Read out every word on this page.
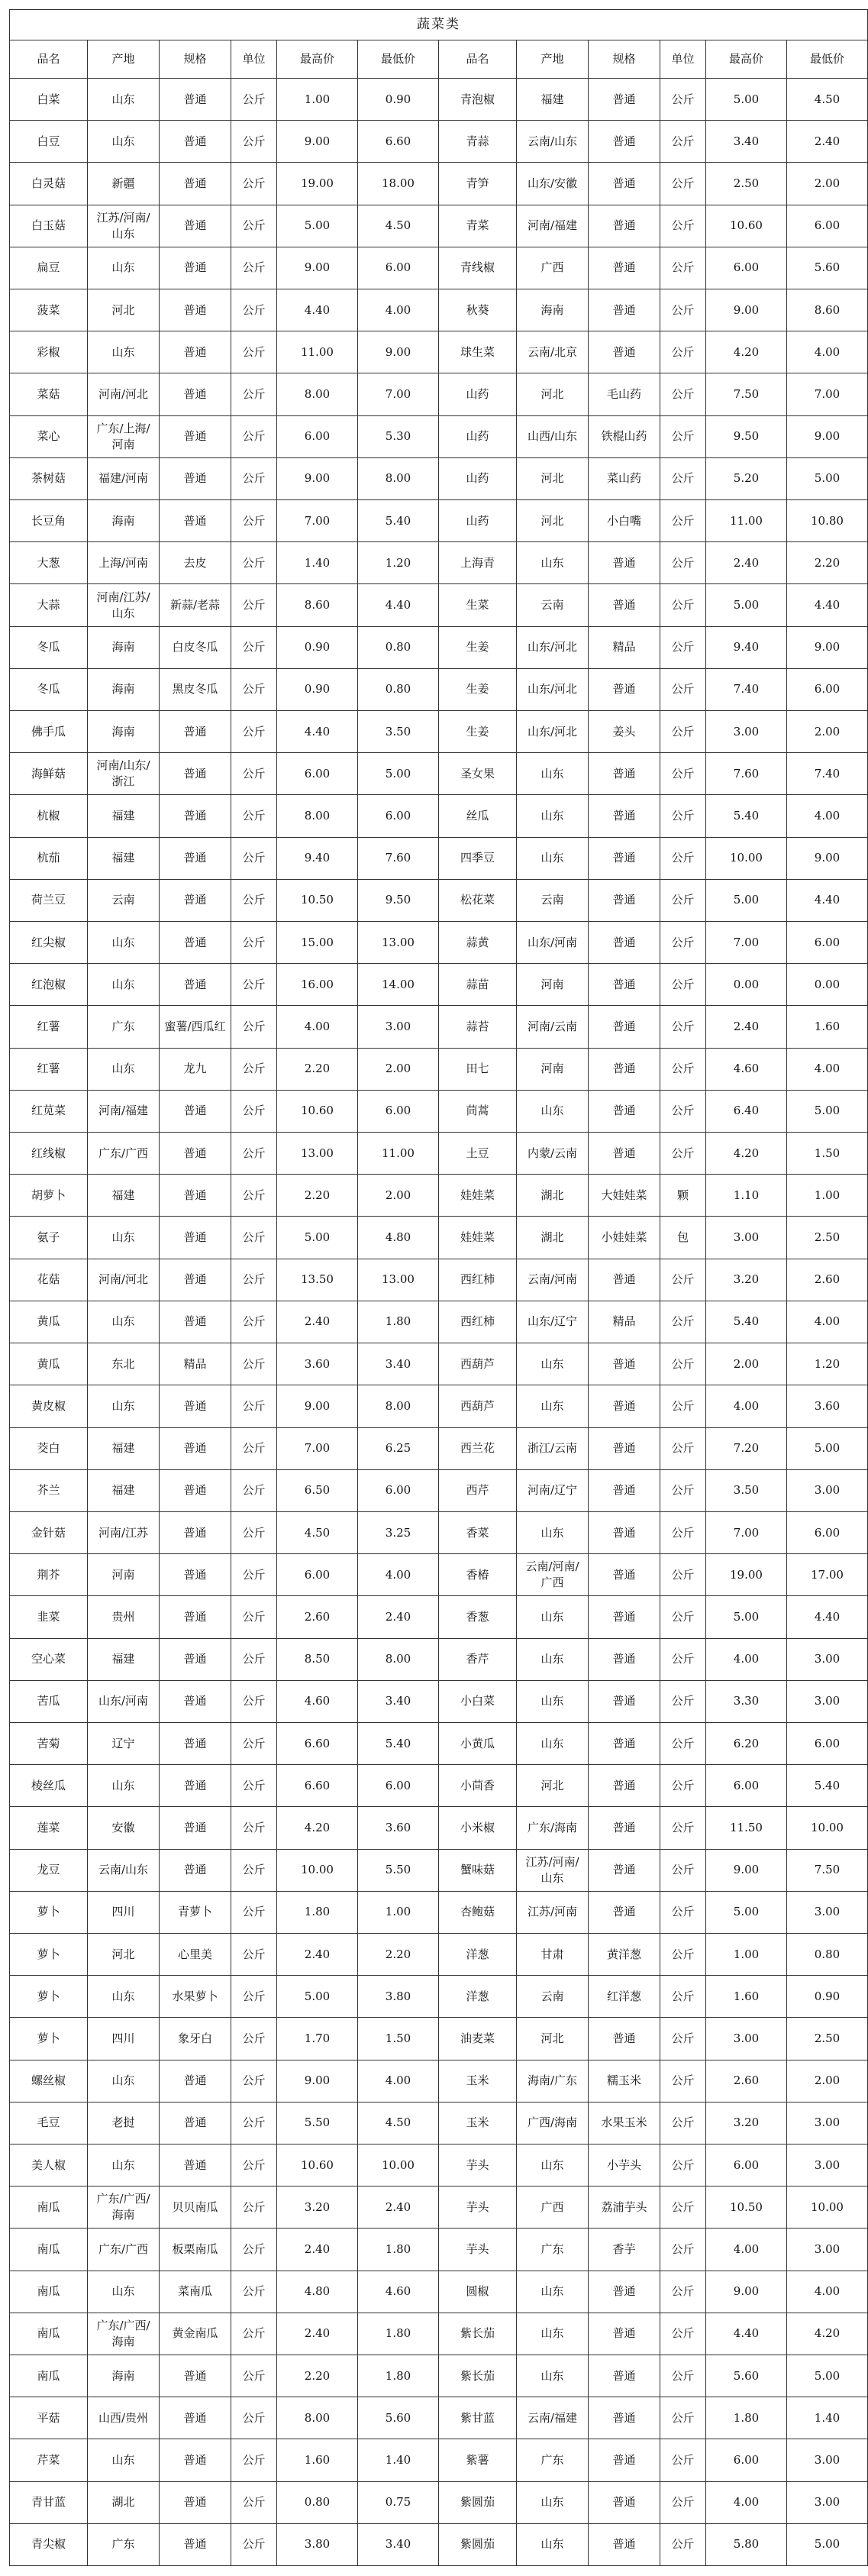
蔬菜类											
品名	产地	规格	单位	最高价	最低价	品名	产地	规格	单位	最高价	最低价
白菜	山东	普通	公斤	1.00	0.90	青泡椒	福建	普通	公斤	5.00	4.50
白豆	山东	普通	公斤	9.00	6.60	青蒜	云南/山东	普通	公斤	3.40	2.40
白灵菇	新疆	普通	公斤	19.00	18.00	青笋	山东/安徽	普通	公斤	2.50	2.00
白玉菇	江苏/河南/山东	普通	公斤	5.00	4.50	青菜	河南/福建	普通	公斤	10.60	6.00
扁豆	山东	普通	公斤	9.00	6.00	青线椒	广西	普通	公斤	6.00	5.60
菠菜	河北	普通	公斤	4.40	4.00	秋葵	海南	普通	公斤	9.00	8.60
彩椒	山东	普通	公斤	11.00	9.00	球生菜	云南/北京	普通	公斤	4.20	4.00
菜菇	河南/河北	普通	公斤	8.00	7.00	山药	河北	毛山药	公斤	7.50	7.00
菜心	广东/上海/河南	普通	公斤	6.00	5.30	山药	山西/山东	铁棍山药	公斤	9.50	9.00
茶树菇	福建/河南	普通	公斤	9.00	8.00	山药	河北	菜山药	公斤	5.20	5.00
长豆角	海南	普通	公斤	7.00	5.40	山药	河北	小白嘴	公斤	11.00	10.80
大葱	上海/河南	去皮	公斤	1.40	1.20	上海青	山东	普通	公斤	2.40	2.20
大蒜	河南/江苏/山东	新蒜/老蒜	公斤	8.60	4.40	生菜	云南	普通	公斤	5.00	4.40
冬瓜	海南	白皮冬瓜	公斤	0.90	0.80	生姜	山东/河北	精品	公斤	9.40	9.00
冬瓜	海南	黑皮冬瓜	公斤	0.90	0.80	生姜	山东/河北	普通	公斤	7.40	6.00
佛手瓜	海南	普通	公斤	4.40	3.50	生姜	山东/河北	姜头	公斤	3.00	2.00
海鲜菇	河南/山东/浙江	普通	公斤	6.00	5.00	圣女果	山东	普通	公斤	7.60	7.40
杭椒	福建	普通	公斤	8.00	6.00	丝瓜	山东	普通	公斤	5.40	4.00
杭茄	福建	普通	公斤	9.40	7.60	四季豆	山东	普通	公斤	10.00	9.00
荷兰豆	云南	普通	公斤	10.50	9.50	松花菜	云南	普通	公斤	5.00	4.40
红尖椒	山东	普通	公斤	15.00	13.00	蒜黄	山东/河南	普通	公斤	7.00	6.00
红泡椒	山东	普通	公斤	16.00	14.00	蒜苗	河南	普通	公斤	0.00	0.00
红薯	广东	蜜薯/西瓜红	公斤	4.00	3.00	蒜苔	河南/云南	普通	公斤	2.40	1.60
红薯	山东	龙九	公斤	2.20	2.00	田七	河南	普通	公斤	4.60	4.00
红苋菜	河南/福建	普通	公斤	10.60	6.00	茼蒿	山东	普通	公斤	6.40	5.00
红线椒	广东/广西	普通	公斤	13.00	11.00	土豆	内蒙/云南	普通	公斤	4.20	1.50
胡萝卜	福建	普通	公斤	2.20	2.00	娃娃菜	湖北	大娃娃菜	颗	1.10	1.00
氨子	山东	普通	公斤	5.00	4.80	娃娃菜	湖北	小娃娃菜	包	3.00	2.50
花菇	河南/河北	普通	公斤	13.50	13.00	西红柿	云南/河南	普通	公斤	3.20	2.60
黄瓜	山东	普通	公斤	2.40	1.80	西红柿	山东/辽宁	精品	公斤	5.40	4.00
黄瓜	东北	精品	公斤	3.60	3.40	西葫芦	山东	普通	公斤	2.00	1.20
黄皮椒	山东	普通	公斤	9.00	8.00	西葫芦	山东	普通	公斤	4.00	3.60
茭白	福建	普通	公斤	7.00	6.25	西兰花	浙江/云南	普通	公斤	7.20	5.00
芥兰	福建	普通	公斤	6.50	6.00	西芹	河南/辽宁	普通	公斤	3.50	3.00
金针菇	河南/江苏	普通	公斤	4.50	3.25	香菜	山东	普通	公斤	7.00	6.00
荆芥	河南	普通	公斤	6.00	4.00	香椿	云南/河南/广西	普通	公斤	19.00	17.00
韭菜	贵州	普通	公斤	2.60	2.40	香葱	山东	普通	公斤	5.00	4.40
空心菜	福建	普通	公斤	8.50	8.00	香芹	山东	普通	公斤	4.00	3.00
苦瓜	山东/河南	普通	公斤	4.60	3.40	小白菜	山东	普通	公斤	3.30	3.00
苦菊	辽宁	普通	公斤	6.60	5.40	小黄瓜	山东	普通	公斤	6.20	6.00
棱丝瓜	山东	普通	公斤	6.60	6.00	小茴香	河北	普通	公斤	6.00	5.40
莲菜	安徽	普通	公斤	4.20	3.60	小米椒	广东/海南	普通	公斤	11.50	10.00
龙豆	云南/山东	普通	公斤	10.00	5.50	蟹味菇	江苏/河南/山东	普通	公斤	9.00	7.50
萝卜	四川	青萝卜	公斤	1.80	1.00	杏鲍菇	江苏/河南	普通	公斤	5.00	3.00
萝卜	河北	心里美	公斤	2.40	2.20	洋葱	甘肃	黄洋葱	公斤	1.00	0.80
萝卜	山东	水果萝卜	公斤	5.00	3.80	洋葱	云南	红洋葱	公斤	1.60	0.90
萝卜	四川	象牙白	公斤	1.70	1.50	油麦菜	河北	普通	公斤	3.00	2.50
螺丝椒	山东	普通	公斤	9.00	4.00	玉米	海南/广东	糯玉米	公斤	2.60	2.00
毛豆	老挝	普通	公斤	5.50	4.50	玉米	广西/海南	水果玉米	公斤	3.20	3.00
美人椒	山东	普通	公斤	10.60	10.00	芋头	山东	小芋头	公斤	6.00	3.00
南瓜	广东/广西/海南	贝贝南瓜	公斤	3.20	2.40	芋头	广西	荔浦芋头	公斤	10.50	10.00
南瓜	广东/广西	板栗南瓜	公斤	2.40	1.80	芋头	广东	香芋	公斤	4.00	3.00
南瓜	山东	菜南瓜	公斤	4.80	4.60	圆椒	山东	普通	公斤	9.00	4.00
南瓜	广东/广西/海南	黄金南瓜	公斤	2.40	1.80	紫长茄	山东	普通	公斤	4.40	4.20
南瓜	海南	普通	公斤	2.20	1.80	紫长茄	山东	普通	公斤	5.60	5.00
平菇	山西/贵州	普通	公斤	8.00	5.60	紫甘蓝	云南/福建	普通	公斤	1.80	1.40
芹菜	山东	普通	公斤	1.60	1.40	紫薯	广东	普通	公斤	6.00	3.00
青甘蓝	湖北	普通	公斤	0.80	0.75	紫圆茄	山东	普通	公斤	4.00	3.00
青尖椒	广东	普通	公斤	3.80	3.40	紫圆茄	山东	普通	公斤	5.80	5.00
